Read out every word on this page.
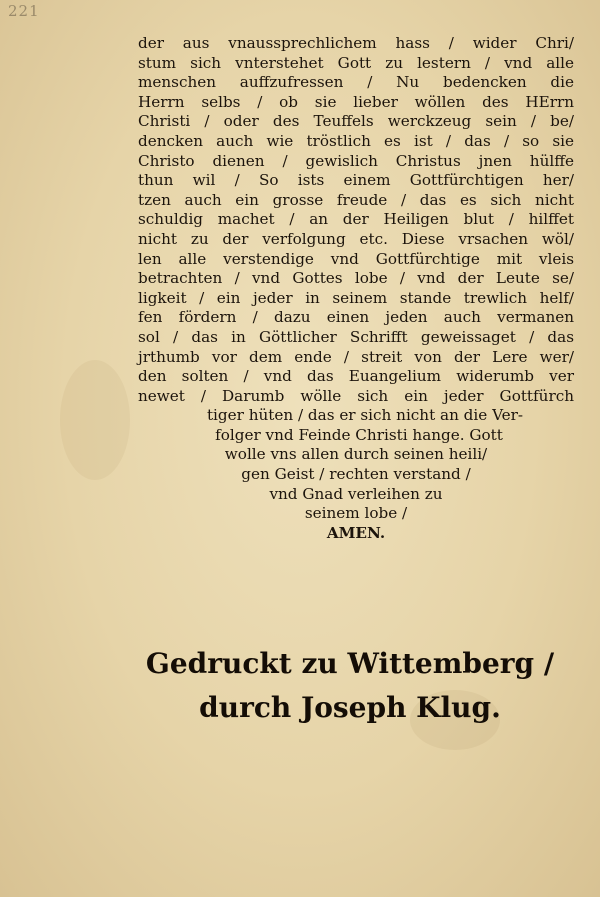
221
der aus vnaussprechlichem hass / wider Chri/
stum sich vnterstehet Gott zu lestern / vnd alle
menschen auffzufressen / Nu bedencken die
Herrn selbs / ob sie lieber wöllen des HErrn
Christi / oder des Teuffels werckzeug sein / be/
dencken auch wie tröstlich es ist / das / so sie
Christo dienen / gewislich Christus jnen hülffe
thun wil / So ists einem Gottfürchtigen her/
tzen auch ein grosse freude / das es sich nicht
schuldig machet / an der Heiligen blut / hilffet
nicht zu der verfolgung etc. Diese vrsachen wöl/
len alle verstendige vnd Gottfürchtige mit vleis
betrachten / vnd Gottes lobe / vnd der Leute se/
ligkeit / ein jeder in seinem stande trewlich helf/
fen fördern / dazu einen jeden auch vermanen
sol / das in Göttlicher Schrifft geweissaget / das
jrthumb vor dem ende / streit von der Lere wer/
den solten / vnd das Euangelium widerumb ver
newet / Darumb wölle sich ein jeder Gottfürch
tiger hüten / das er sich nicht an die Ver-
folger vnd Feinde Christi hange. Gott
wolle vns allen durch seinen heili/
gen Geist / rechten verstand /
vnd Gnad verleihen zu
seinem lobe /
AMEN.
Gedruckt zu Wittemberg /
durch Joseph Klug.
